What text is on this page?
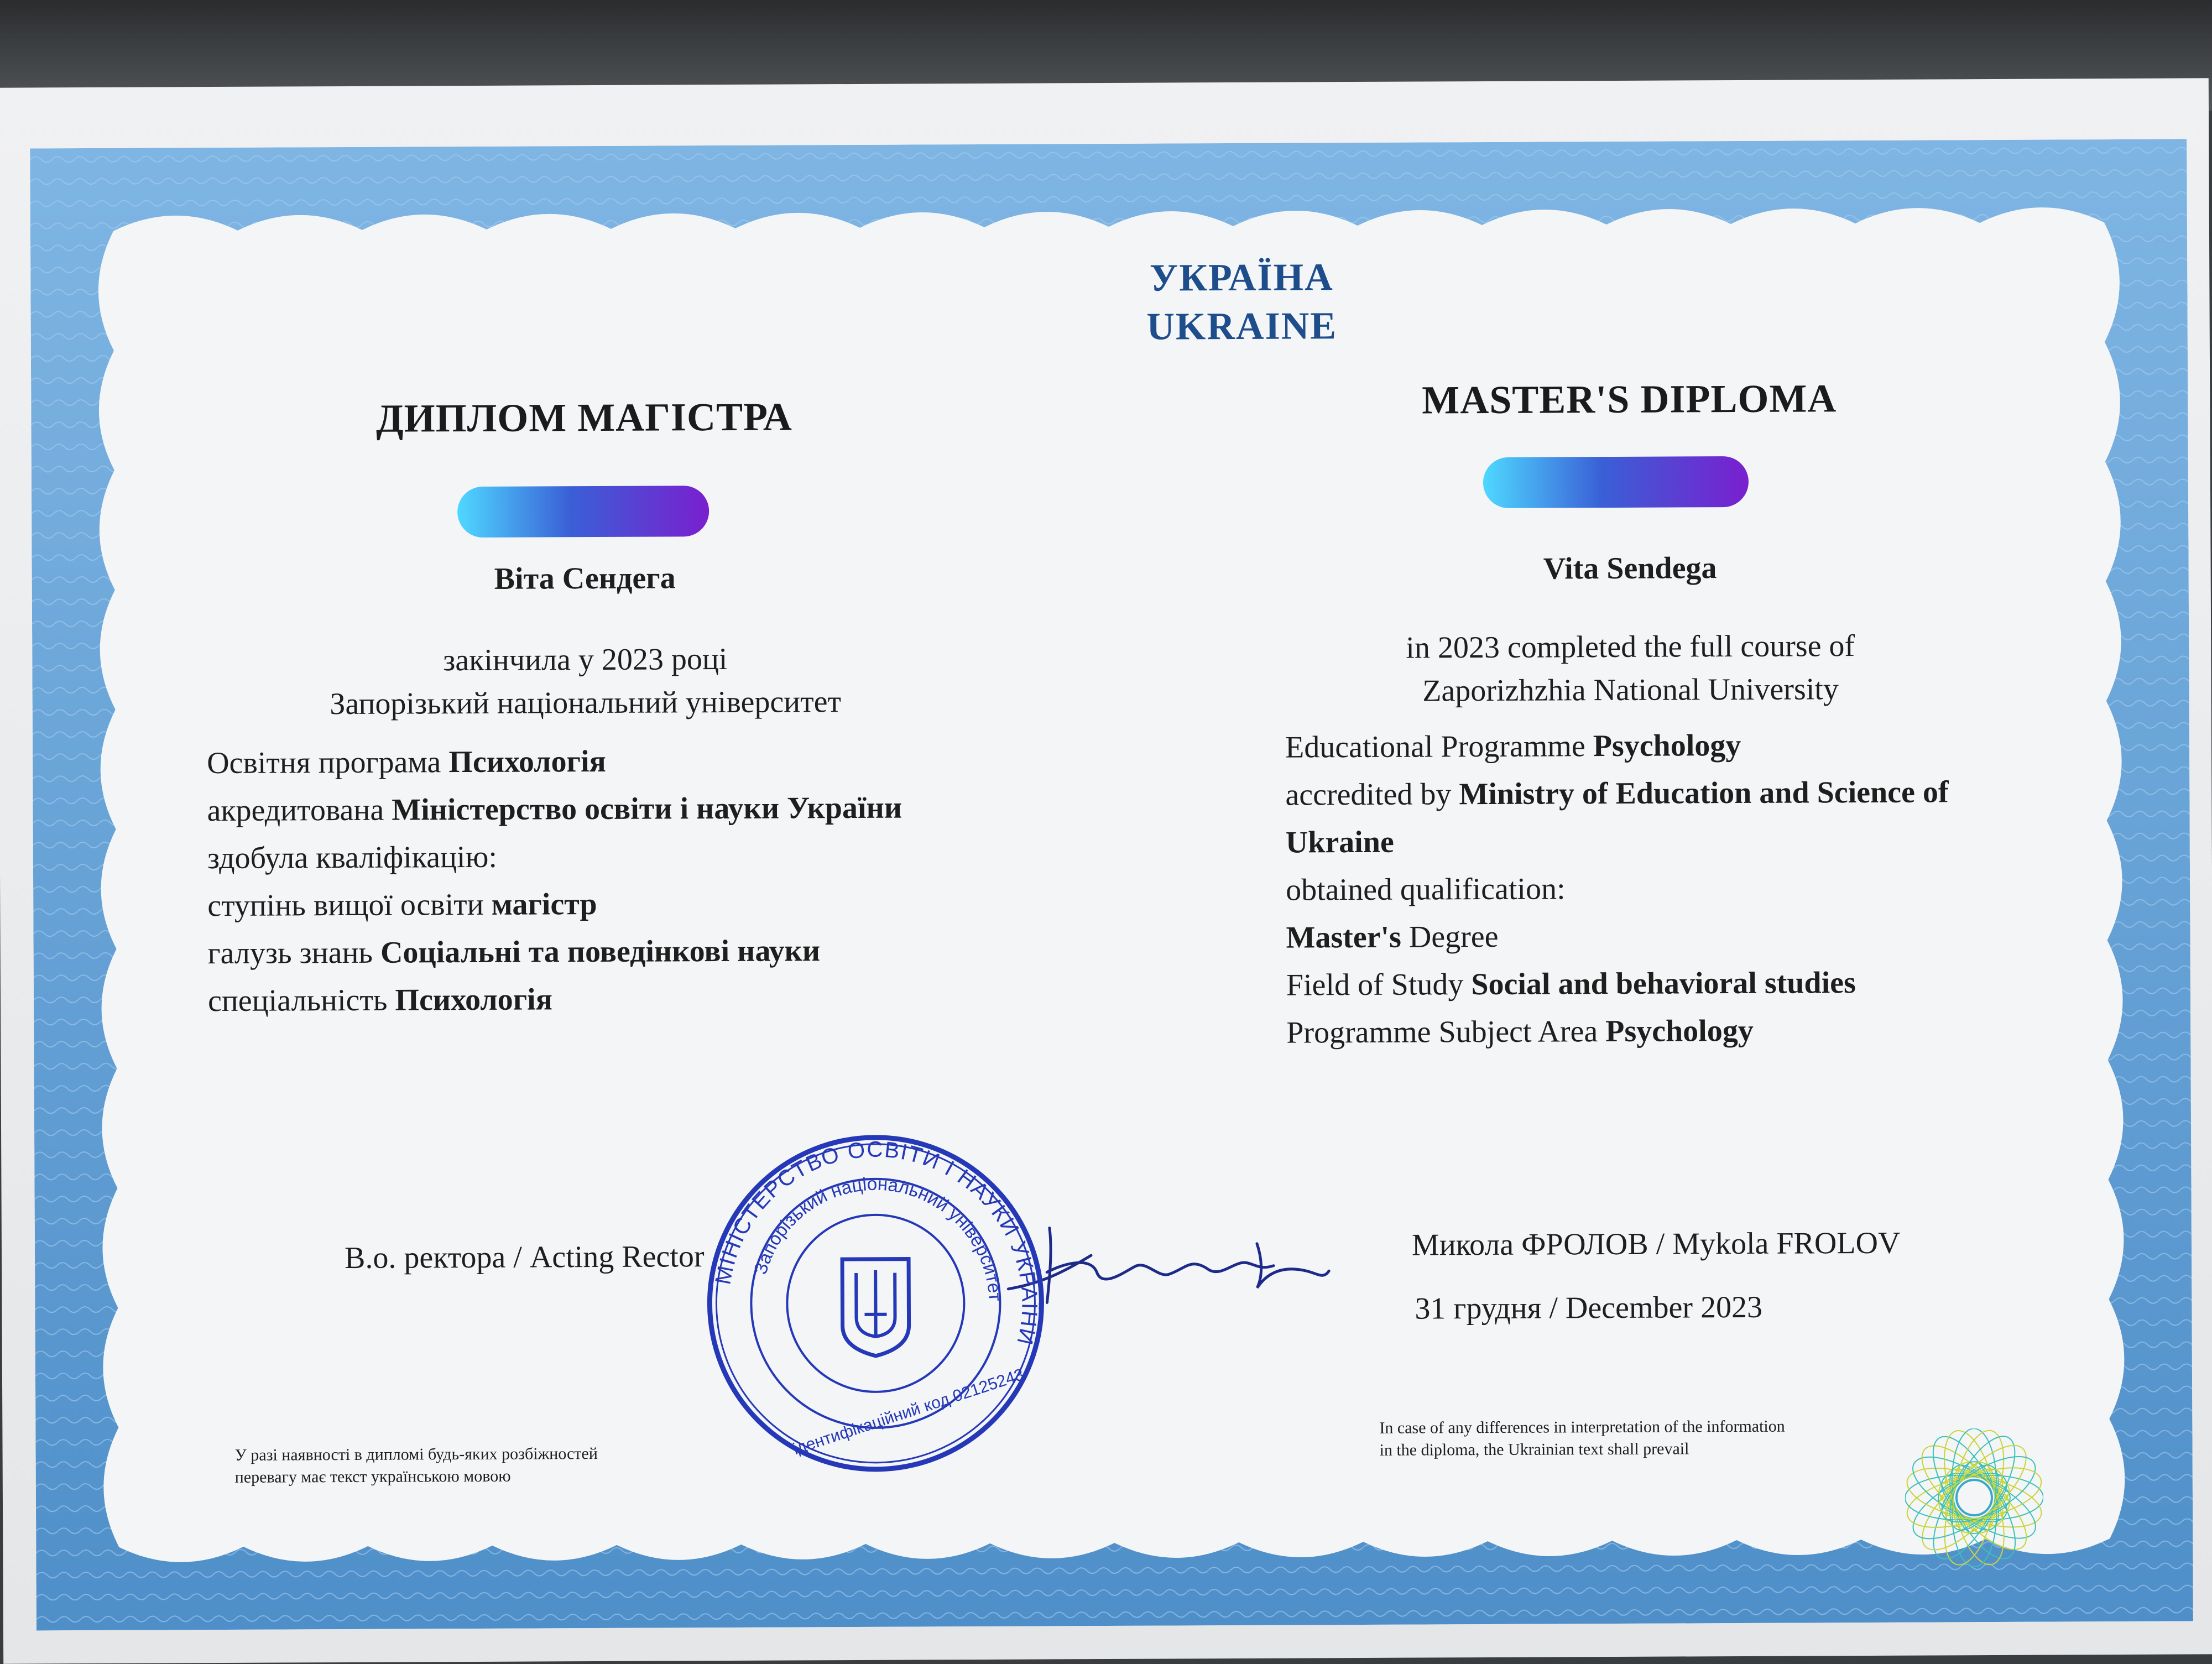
УКРАЇНА
UKRAINE
ДИПЛОМ МАГІСТРА
Віта Сендега
закінчила у 2023 році
Запорізький національний університет
Освітня програма Психологія
акредитована Міністерство освіти і науки України
здобула кваліфікацію:
ступінь вищої освіти магістр
галузь знань Соціальні та поведінкові науки
спеціальність Психологія
В.о. ректора / Acting Rector
У разі наявності в дипломі будь-яких розбіжностей
перевагу має текст українською мовою
MASTER'S DIPLOMA
Vita Sendega
in 2023 completed the full course of
Zaporizhzhia National University
Educational Programme Psychology
accredited by Ministry of Education and Science of
Ukraine
obtained qualification:
Master's Degree
Field of Study Social and behavioral studies
Programme Subject Area Psychology
Микола ФРОЛОВ / Mykola FROLOV
31 грудня / December 2023
In case of any differences in interpretation of the information
in the diploma, the Ukrainian text shall prevail
МІНІСТЕРСТВО ОСВІТИ І НАУКИ УКРАЇНИ
Запорізький національний університет
ідентифікаційний код 02125243
